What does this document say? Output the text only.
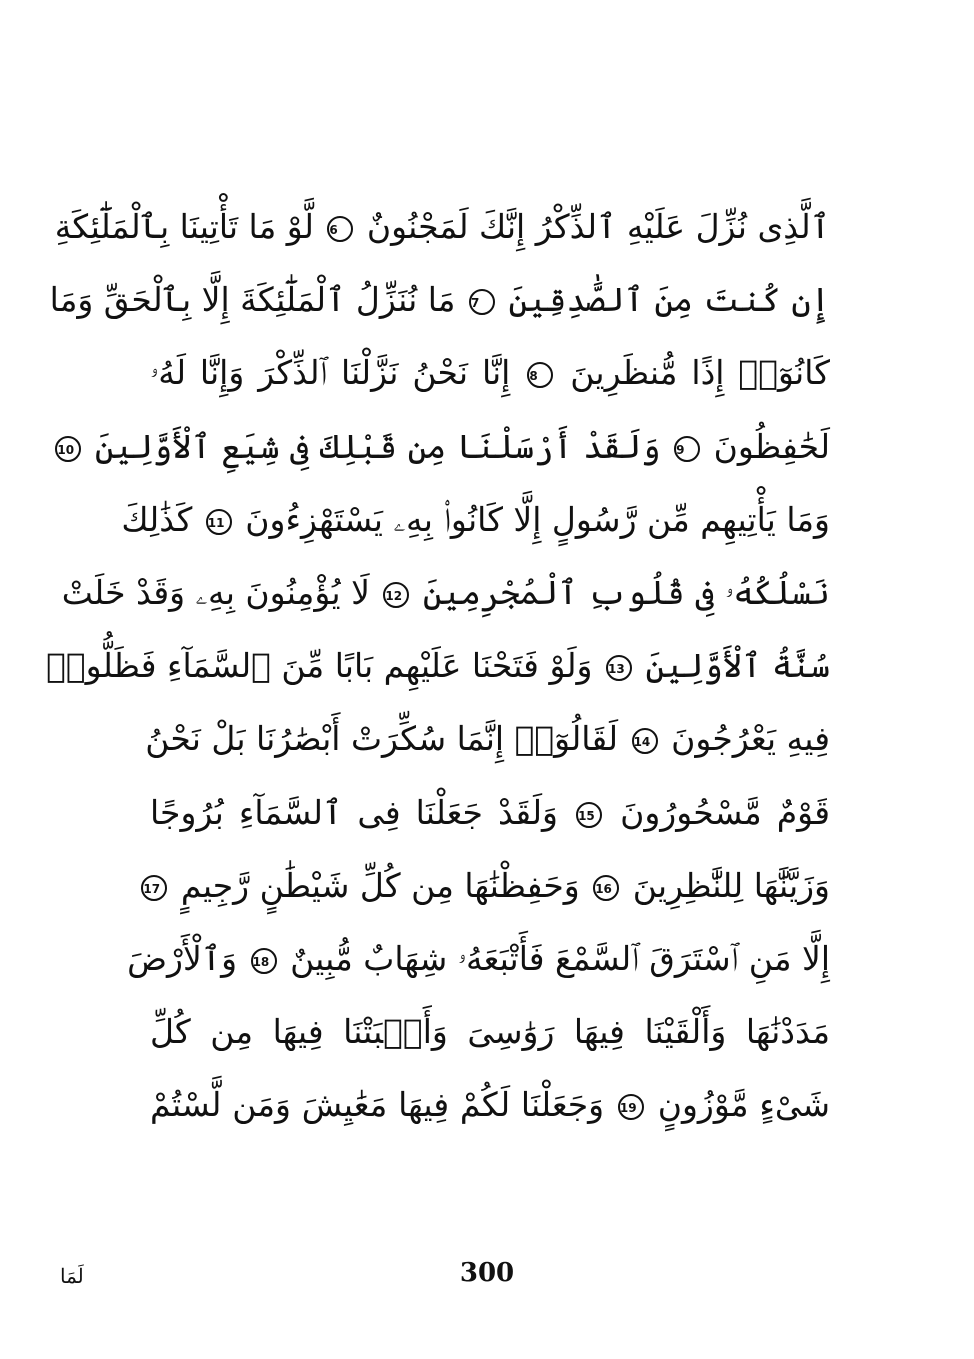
ٱلَّذِى نُزِّلَ عَلَيْهِ ٱلذِّكْرُ إِنَّكَ لَمَجْنُونٌ 6 لَّوْ مَا تَأْتِينَا بِٱلْمَلَٰٓئِكَةِ
إِن كُنتَ مِنَ ٱلصَّٰدِقِينَ 7 مَا نُنَزِّلُ ٱلْمَلَٰٓئِكَةَ إِلَّا بِٱلْحَقِّ وَمَا
كَانُوٓا۟ إِذًا مُّنظَرِينَ 8 إِنَّا نَحْنُ نَزَّلْنَا ٱلذِّكْرَ وَإِنَّا لَهُۥ
لَحَٰفِظُونَ 9 وَلَقَدْ أَرْسَلْنَا مِن قَبْلِكَ فِى شِيَعِ ٱلْأَوَّلِينَ 10
وَمَا يَأْتِيهِم مِّن رَّسُولٍ إِلَّا كَانُوا۟ بِهِۦ يَسْتَهْزِءُونَ 11 كَذَٰلِكَ
نَسْلُكُهُۥ فِى قُلُوبِ ٱلْمُجْرِمِينَ 12 لَا يُؤْمِنُونَ بِهِۦ وَقَدْ خَلَتْ
سُنَّةُ ٱلْأَوَّلِينَ 13 وَلَوْ فَتَحْنَا عَلَيْهِم بَابًا مِّنَ ٱلسَّمَآءِ فَظَلُّوا۟
فِيهِ يَعْرُجُونَ 14 لَقَالُوٓا۟ إِنَّمَا سُكِّرَتْ أَبْصَٰرُنَا بَلْ نَحْنُ
قَوْمٌ مَّسْحُورُونَ 15 وَلَقَدْ جَعَلْنَا فِى ٱلسَّمَآءِ بُرُوجًا
وَزَيَّنَّٰهَا لِلنَّٰظِرِينَ 16 وَحَفِظْنَٰهَا مِن كُلِّ شَيْطَٰنٍ رَّجِيمٍ 17
إِلَّا مَنِ ٱسْتَرَقَ ٱلسَّمْعَ فَأَتْبَعَهُۥ شِهَابٌ مُّبِينٌ 18 وَٱلْأَرْضَ
مَدَدْنَٰهَا وَأَلْقَيْنَا فِيهَا رَوَٰسِىَ وَأَنۢبَتْنَا فِيهَا مِن كُلِّ
شَىْءٍ مَّوْزُونٍ 19 وَجَعَلْنَا لَكُمْ فِيهَا مَعَٰيِشَ وَمَن لَّسْتُمْ
300
لَمَا
